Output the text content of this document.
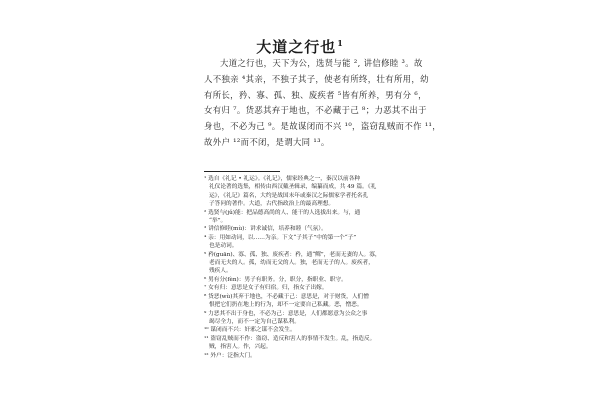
大道之行也$^1$
大道之行也，天下为公，选贤与能 ², 讲信修睦 ³。故
人不独亲 ⁴其亲，不独子其子，使老有所终，壮有所用，幼
有所长，矜、寡、孤、独、废疾者 ⁵皆有所养，男有分 ⁶，
女有归 ⁷。货恶其弃于地也，不必藏于己 ⁸；力恶其不出于
身也，不必为己 ⁹。是故谋闭而不兴 ¹⁰，盗窃乱贼而不作 ¹¹，
故外户 ¹²而不闭，是谓大同 ¹³。
¹ 选自《礼记 • 礼运》。《礼记》，儒家经典之一，秦汉以前各种
礼仪论著的选集，相传由西汉戴圣辑录，编纂而成，共 49 篇。《礼
运》，《礼记》篇名，大约是战国末年或秦汉之际儒家学者托名孔
子答问的著作。大道，古代指政治上的最高理想。
² 选贤与(jǔ)能：把品德高尚的人、能干的人选拔出来。与，通
“举”。
³ 讲信修睦(mù)：讲求诚信，培养和睦（气氛）。
⁴ 亲：用如动词，以……为亲。下文“子其子”中的第一个“子”
也是动词。
⁵ 矜(guān)、寡、孤、独、废疾者：矜，通“鳏”，老而无妻的人。寡，
老而无夫的人。孤，幼而无父的人。独，老而无子的人。废疾者，
残疾人。
⁶ 男有分(fèn)：男子有职务。分，职分，指职业、职守。
⁷ 女有归：意思是女子有归宿。归，指女子出嫁。
⁸ 货恶(wù)其弃于地也，不必藏于己：意思是，对于财货，人们憎
恨把它们扔在地上的行为，却不一定要自己私藏。恶，憎恶。
⁹ 力恶其不出于身也，不必为己：意思是，人们都愿意为公众之事
竭尽全力，而不一定为自己谋私利。
¹⁰ 谋闭而不兴：奸邪之谋不会发生。
¹¹ 盗窃乱贼而不作：盗窃、造反和害人的事情不发生。乱，指造反。
贼，指害人。作，兴起。
¹² 外户：泛指大门。
